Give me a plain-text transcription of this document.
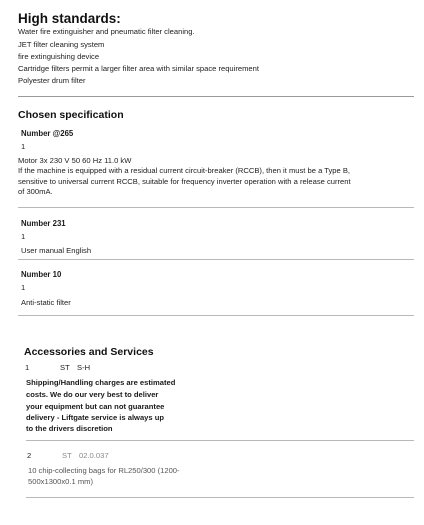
High standards:
Water fire extinguisher and pneumatic filter cleaning.
JET filter cleaning system
fire extinguishing device
Cartridge filters permit a larger filter area with similar space requirement
Polyester drum filter
Chosen specification
Number @265
1
Motor 3x 230 V 50 60 Hz 11.0 kW
If the machine is equipped with a residual current circuit-breaker (RCCB), then it must be a Type B,
sensitive to universal current RCCB, suitable for frequency inverter operation with a release current
of 300mA.
Number 231
1
User manual English
Number 10
1
Anti-static filter
Accessories and Services
1	ST S-H
Shipping/Handling charges are estimated
costs. We do our very best to deliver
your equipment but can not guarantee
delivery - Liftgate service is always up
to the drivers discretion
2	ST 02.0.037
10 chip-collecting bags for RL250/300 (1200-
500x1300x0.1 mm)
